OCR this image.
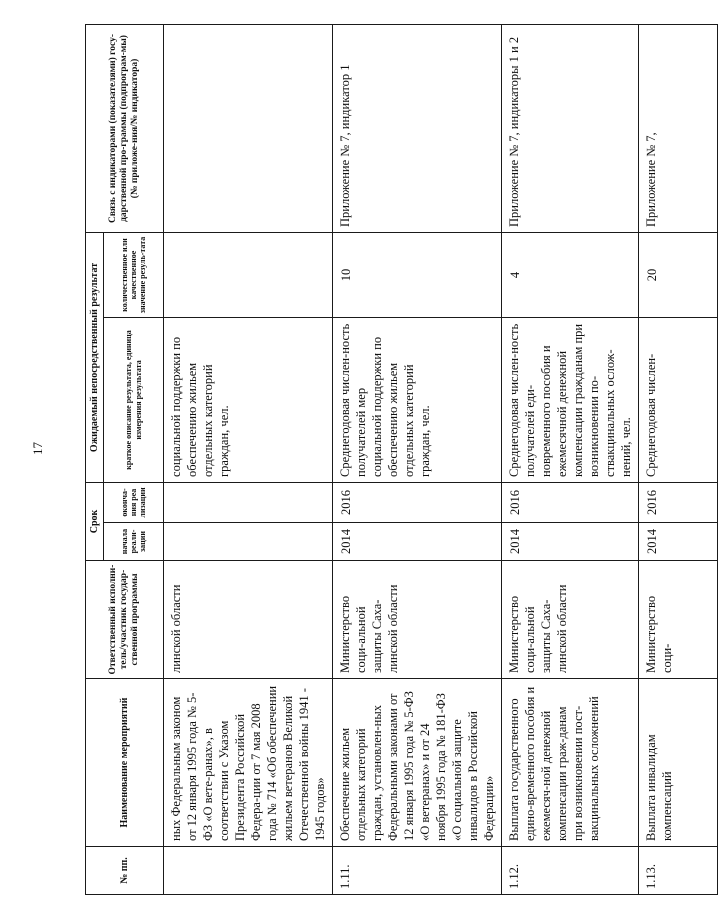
17
№ пп.	Наименование мероприятий	Ответственный исполни-тель/участник государ-ственной программы	Срок		Ожидаемый непосредственный результат		Связь с индикаторами (показателями) госу-дарственной про-граммы (подпрограм-мы) (№ приложе-ния/№ индикатора)
			начала реали-зации	оконча-ния реа лизации	краткое описание результата, единица измерения результата	количественное или качественное значение резуль-тата	
	ных Федеральным законом от 12 января 1995 года № 5-ФЗ «О вете-ранах», в соответствии с Указом Президента Российской Федера-ции от 7 мая 2008 года № 714 «Об обеспечении жильем ветеранов Великой Отечественной войны 1941 - 1945 годов»	линской области			социальной поддержки по обеспечению жильем отдельных категорий граждан, чел.		
1.11.	Обеспечение жильем отдельных категорий граждан, установлен-ных Федеральными законами от 12 января 1995 года № 5-ФЗ «О ветеранах» и от 24 ноября 1995 года № 181-ФЗ «О социальной защите инвалидов в Российской Федерации»	Министерство соци-альной защиты Саха-линской области	2014	2016	Среднегодовая числен-ность получателей мер социальной поддержки по обеспечению жильем отдельных категорий граждан, чел.	10	Приложение № 7, индикатор 1
1.12.	Выплата государственного едино-временного пособия и ежемесяч-ной денежной компенсации граж-данам при возникновении пост-вакцинальных осложнений	Министерство соци-альной защиты Саха-линской области	2014	2016	Среднегодовая числен-ность получателей еди-новременного пособия и ежемесячной денежной компенсации гражданам при возникновении по-ствакцинальных ослож-нений, чел.	4	Приложение № 7, индикаторы 1 и 2
1.13.	Выплата инвалидам компенсаций	Министерство соци-	2014	2016	Среднегодовая числен-	20	Приложение № 7,
